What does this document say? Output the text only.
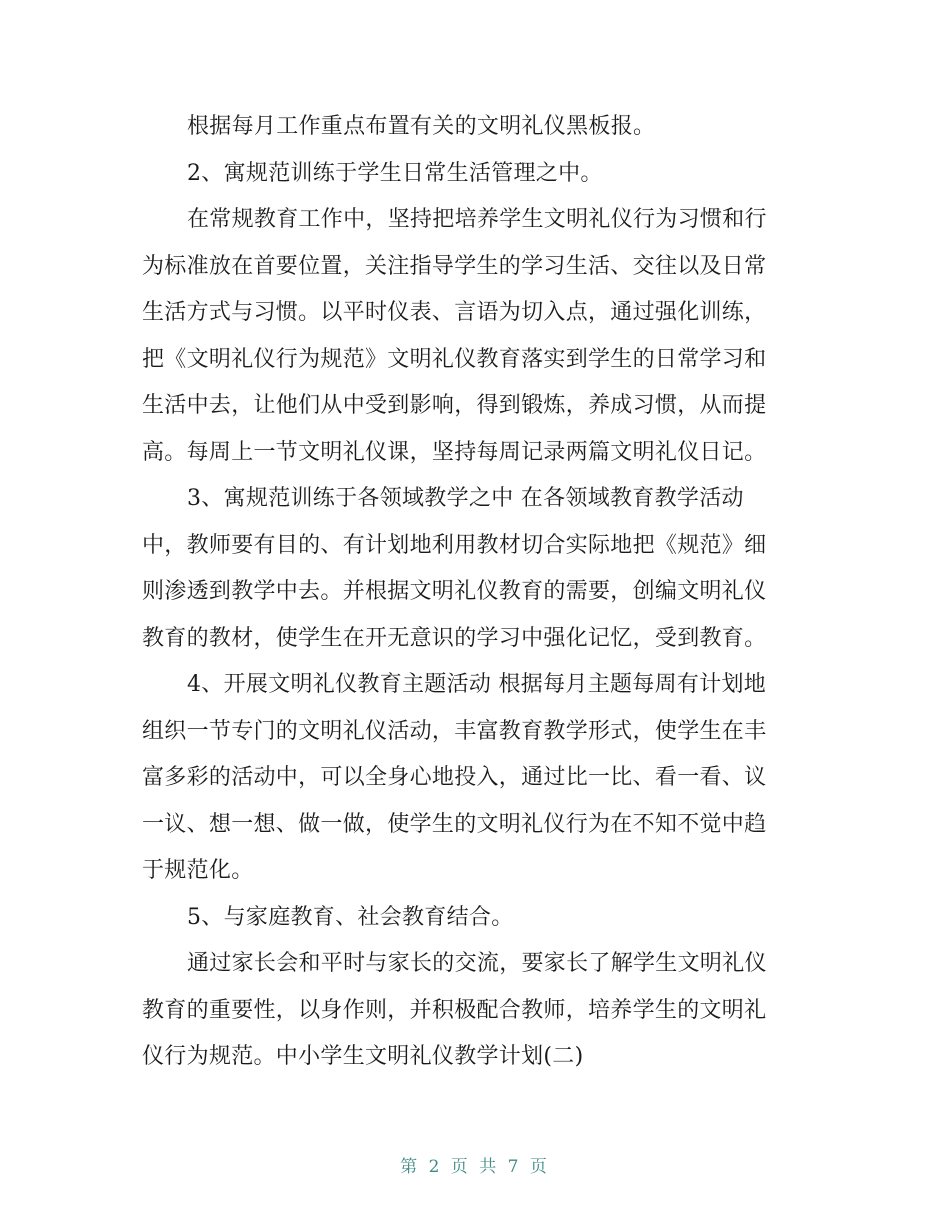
根据每月工作重点布置有关的文明礼仪黑板报。
2、寓规范训练于学生日常生活管理之中。
在常规教育工作中，坚持把培养学生文明礼仪行为习惯和行
为标准放在首要位置，关注指导学生的学习生活、交往以及日常
生活方式与习惯。以平时仪表、言语为切入点，通过强化训练，
把《文明礼仪行为规范》文明礼仪教育落实到学生的日常学习和
生活中去，让他们从中受到影响，得到锻炼，养成习惯，从而提
高。每周上一节文明礼仪课，坚持每周记录两篇文明礼仪日记。
3、寓规范训练于各领域教学之中 在各领域教育教学活动
中，教师要有目的、有计划地利用教材切合实际地把《规范》细
则渗透到教学中去。并根据文明礼仪教育的需要，创编文明礼仪
教育的教材，使学生在开无意识的学习中强化记忆，受到教育。
4、开展文明礼仪教育主题活动 根据每月主题每周有计划地
组织一节专门的文明礼仪活动，丰富教育教学形式，使学生在丰
富多彩的活动中，可以全身心地投入，通过比一比、看一看、议
一议、想一想、做一做，使学生的文明礼仪行为在不知不觉中趋
于规范化。
5、与家庭教育、社会教育结合。
通过家长会和平时与家长的交流，要家长了解学生文明礼仪
教育的重要性，以身作则，并积极配合教师，培养学生的文明礼
仪行为规范。中小学生文明礼仪教学计划(二)
第 2 页 共 7 页
